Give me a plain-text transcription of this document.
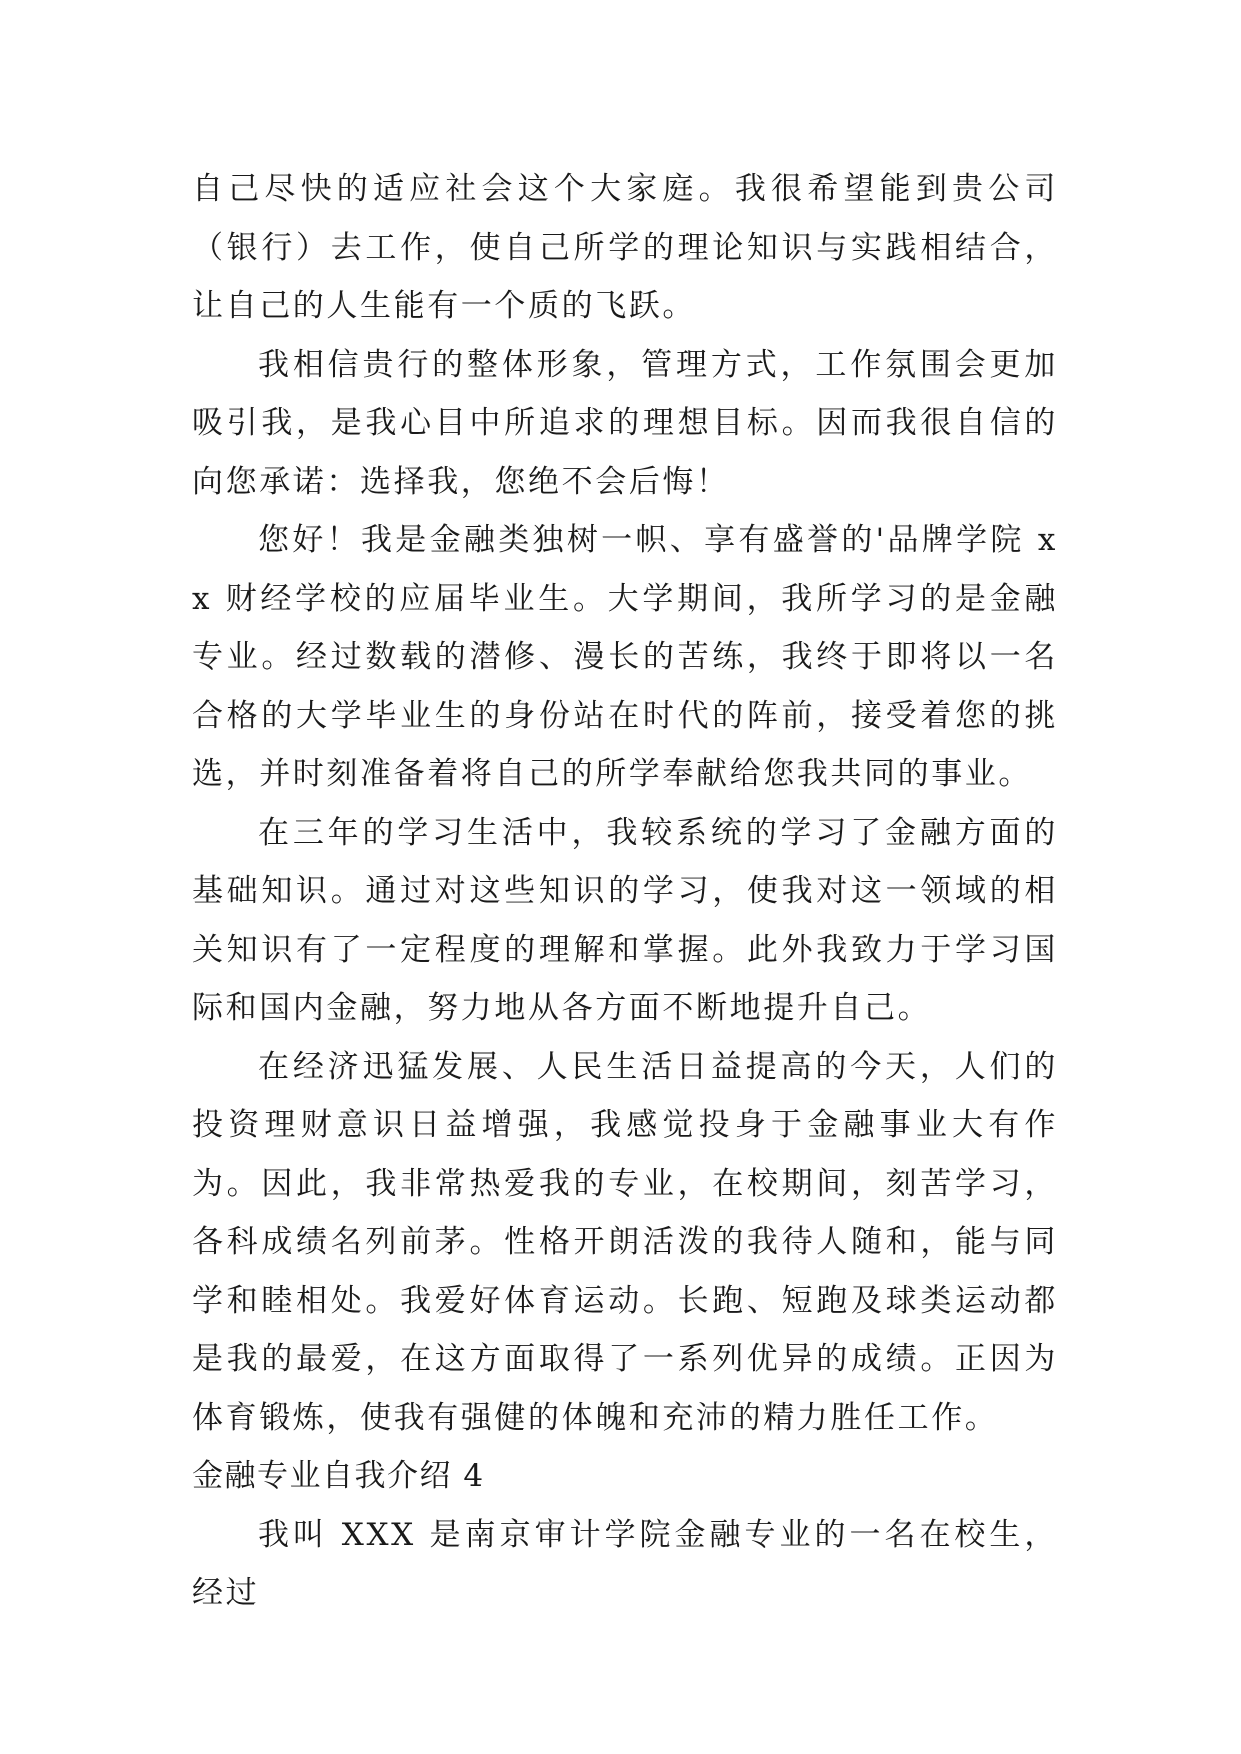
自己尽快的适应社会这个大家庭。我很希望能到贵公司（银行）去工作，使自己所学的理论知识与实践相结合，让自己的人生能有一个质的飞跃。

我相信贵行的整体形象，管理方式，工作氛围会更加吸引我，是我心目中所追求的理想目标。因而我很自信的向您承诺：选择我，您绝不会后悔！

您好！我是金融类独树一帜、享有盛誉的'品牌学院 xx 财经学校的应届毕业生。大学期间，我所学习的是金融专业。经过数载的潜修、漫长的苦练，我终于即将以一名合格的大学毕业生的身份站在时代的阵前，接受着您的挑选，并时刻准备着将自己的所学奉献给您我共同的事业。

在三年的学习生活中，我较系统的学习了金融方面的基础知识。通过对这些知识的学习，使我对这一领域的相关知识有了一定程度的理解和掌握。此外我致力于学习国际和国内金融，努力地从各方面不断地提升自己。

在经济迅猛发展、人民生活日益提高的今天，人们的投资理财意识日益增强，我感觉投身于金融事业大有作为。因此，我非常热爱我的专业，在校期间，刻苦学习，各科成绩名列前茅。性格开朗活泼的我待人随和，能与同学和睦相处。我爱好体育运动。长跑、短跑及球类运动都是我的最爱，在这方面取得了一系列优异的成绩。正因为体育锻炼，使我有强健的体魄和充沛的精力胜任工作。

金融专业自我介绍 4

我叫 XXX 是南京审计学院金融专业的一名在校生，经过
